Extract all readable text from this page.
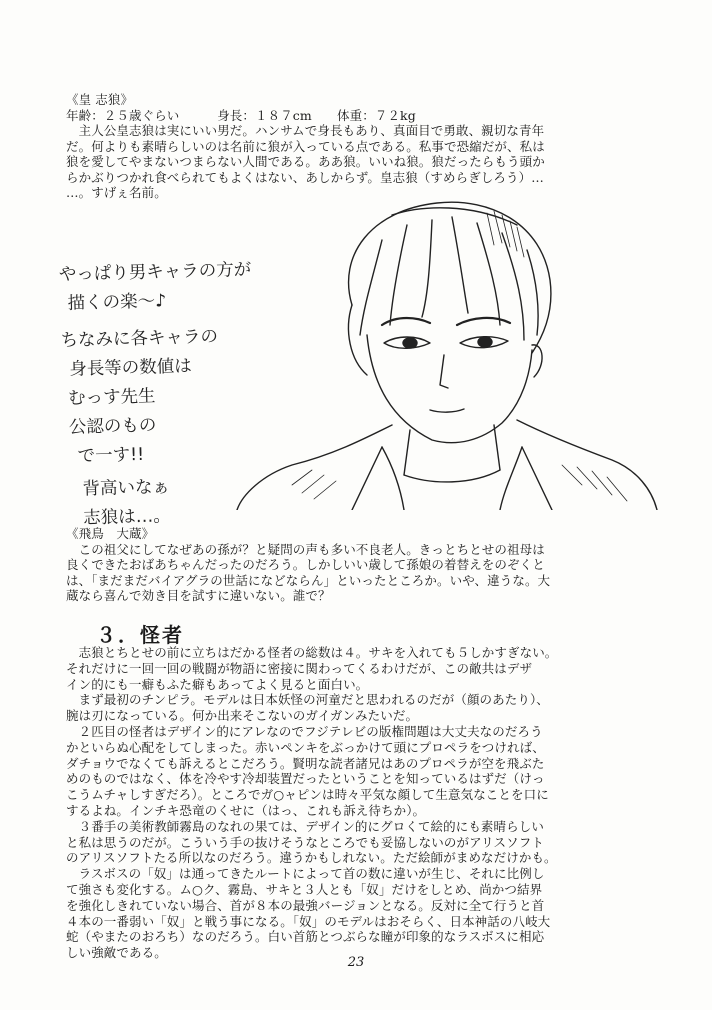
《皇 志狼》
年齢：２５歳ぐらい　　　身長：１８７cm　　体重：７２kg
　主人公皇志狼は実にいい男だ。ハンサムで身長もあり、真面目で勇敢、親切な青年
だ。何よりも素晴らしいのは名前に狼が入っている点である。私事で恐縮だが、私は
狼を愛してやまないつまらない人間である。ああ狼。いいね狼。狼だったらもう頭か
らかぶりつかれ食べられてもよくはない、あしからず。皇志狼（すめらぎしろう）…
…。すげぇ名前。
やっぱり男キャラの方が
描くの楽～♪
ちなみに各キャラの
身長等の数値は
むっす先生
公認のもの
で一す!!
背高いなぁ
志狼は…。
《飛鳥　大蔵》
　この祖父にしてなぜあの孫が？と疑問の声も多い不良老人。きっとちとせの祖母は
良くできたおばあちゃんだったのだろう。しかしいい歳して孫娘の着替えをのぞくと
は、「まだまだバイアグラの世話になどならん」といったところか。いや、違うな。大
蔵なら喜んで効き目を試すに違いない。誰で？
３．怪者
　志狼とちとせの前に立ちはだかる怪者の総数は４。サキを入れても５しかすぎない。
それだけに一回一回の戦闘が物語に密接に関わってくるわけだが、この敵共はデザ
イン的にも一癖もふた癖もあってよく見ると面白い。
　まず最初のチンピラ。モデルは日本妖怪の河童だと思われるのだが（顔のあたり）、
腕は刃になっている。何か出来そこないのガイガンみたいだ。
　２匹目の怪者はデザイン的にアレなのでフジテレビの版権問題は大丈夫なのだろう
かといらぬ心配をしてしまった。赤いペンキをぶっかけて頭にプロペラをつければ、
ダチョウでなくても訴えるとこだろう。賢明な読者諸兄はあのプロペラが空を飛ぶた
めのものではなく、体を冷やす冷却装置だったということを知っているはずだ（けっ
こうムチャしすぎだろ）。ところでガ○ャピンは時々平気な顔して生意気なことを口に
するよね。インチキ恐竜のくせに（はっ、これも訴え待ちか）。
　３番手の美術教師霧島のなれの果ては、デザイン的にグロくて絵的にも素晴らしい
と私は思うのだが。こういう手の抜けそうなところでも妥協しないのがアリスソフト
のアリスソフトたる所以なのだろう。違うかもしれない。ただ絵師がまめなだけかも。
　ラスボスの「奴」は通ってきたルートによって首の数に違いが生じ、それに比例し
て強さも変化する。ム○ク、霧島、サキと３人とも「奴」だけをしとめ、尚かつ結界
を強化しきれていない場合、首が８本の最強バージョンとなる。反対に全て行うと首
４本の一番弱い「奴」と戦う事になる。「奴」のモデルはおそらく、日本神話の八岐大
蛇（やまたのおろち）なのだろう。白い首筋とつぶらな瞳が印象的なラスボスに相応
しい強敵である。
23
